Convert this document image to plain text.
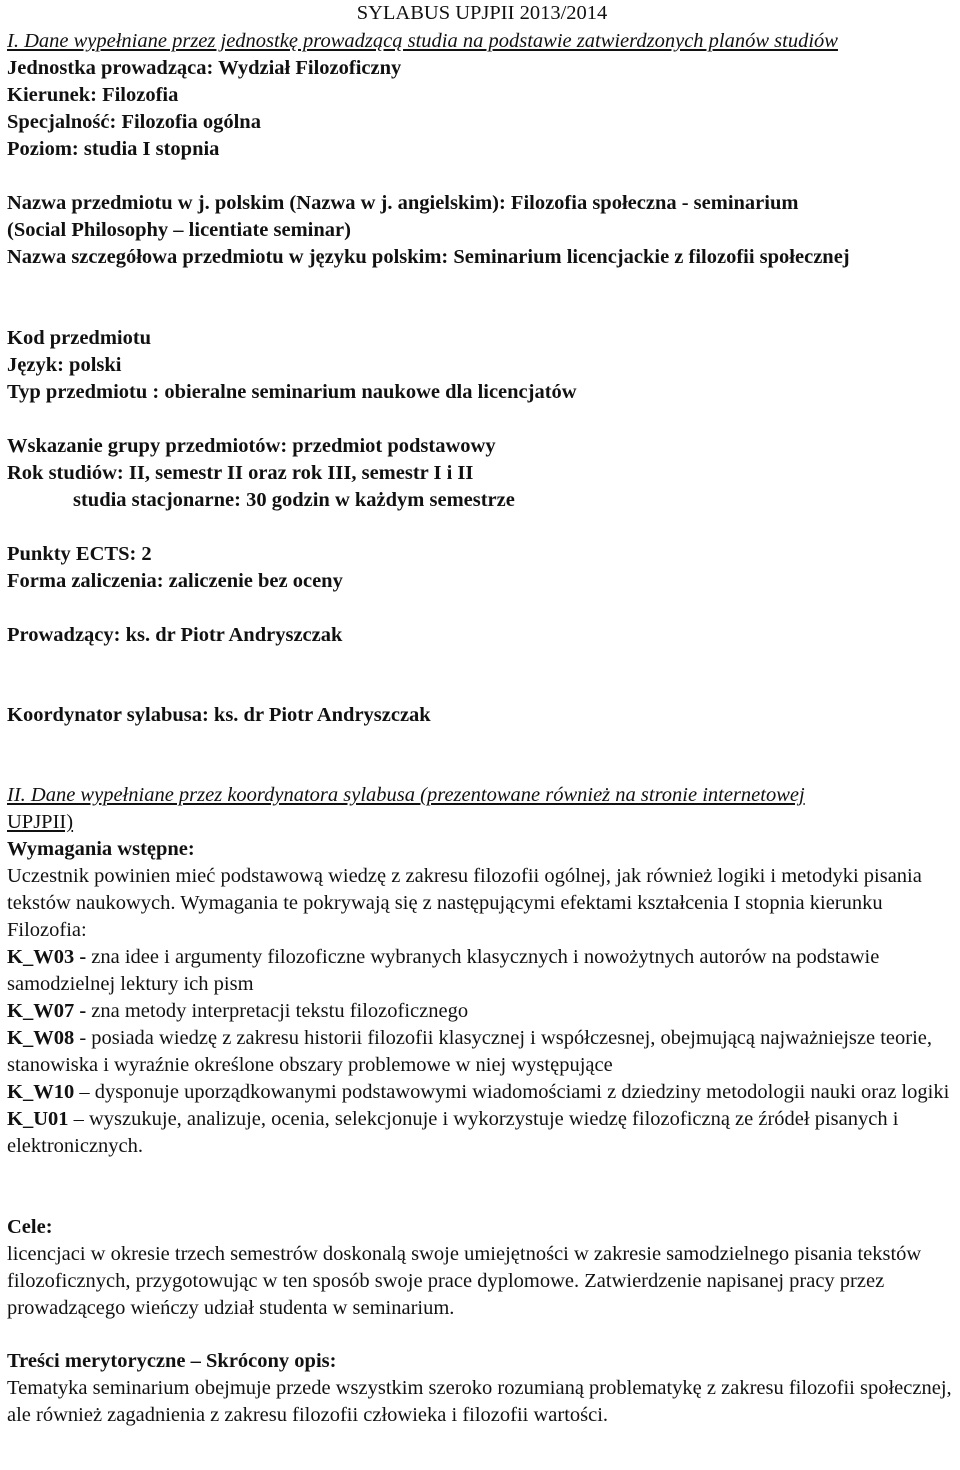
SYLABUS UPJPII 2013/2014
I. Dane wypełniane przez jednostkę prowadzącą studia na podstawie zatwierdzonych planów studiów
Jednostka prowadząca: Wydział Filozoficzny
Kierunek: Filozofia
Specjalność: Filozofia ogólna
Poziom: studia I stopnia
Nazwa przedmiotu w j. polskim (Nazwa w j. angielskim): Filozofia społeczna - seminarium
(Social Philosophy – licentiate seminar)
Nazwa szczegółowa przedmiotu w języku polskim: Seminarium licencjackie z filozofii społecznej
Kod przedmiotu
Język: polski
Typ przedmiotu : obieralne seminarium naukowe dla licencjatów
Wskazanie grupy przedmiotów: przedmiot podstawowy
Rok studiów: II, semestr II oraz rok III, semestr I i II
studia stacjonarne: 30 godzin w każdym semestrze
Punkty ECTS: 2
Forma zaliczenia: zaliczenie bez oceny
Prowadzący: ks. dr Piotr Andryszczak
Koordynator sylabusa: ks. dr Piotr Andryszczak
II. Dane wypełniane przez koordynatora sylabusa (prezentowane również na stronie internetowej
UPJPII)
Wymagania wstępne:
Uczestnik powinien mieć podstawową wiedzę z zakresu filozofii ogólnej, jak również logiki i metodyki pisania tekstów naukowych. Wymagania te pokrywają się z następującymi efektami kształcenia I stopnia kierunku Filozofia:
K_W03 - zna idee i argumenty filozoficzne wybranych klasycznych i nowożytnych autorów na podstawie samodzielnej lektury ich pism
K_W07 - zna metody interpretacji tekstu filozoficznego
K_W08 - posiada wiedzę z zakresu historii filozofii klasycznej i współczesnej, obejmującą najważniejsze teorie, stanowiska i wyraźnie określone obszary problemowe w niej występujące
K_W10 – dysponuje uporządkowanymi podstawowymi wiadomościami z dziedziny metodologii nauki oraz logiki
K_U01 – wyszukuje, analizuje, ocenia, selekcjonuje i wykorzystuje wiedzę filozoficzną ze źródeł pisanych i elektronicznych.
Cele:
licencjaci w okresie trzech semestrów doskonalą swoje umiejętności w zakresie samodzielnego pisania tekstów filozoficznych, przygotowując w ten sposób swoje prace dyplomowe. Zatwierdzenie napisanej pracy przez prowadzącego wieńczy udział studenta w seminarium.
Treści merytoryczne – Skrócony opis:
Tematyka seminarium obejmuje przede wszystkim szeroko rozumianą problematykę z zakresu filozofii społecznej, ale również zagadnienia z zakresu filozofii człowieka i filozofii wartości.
